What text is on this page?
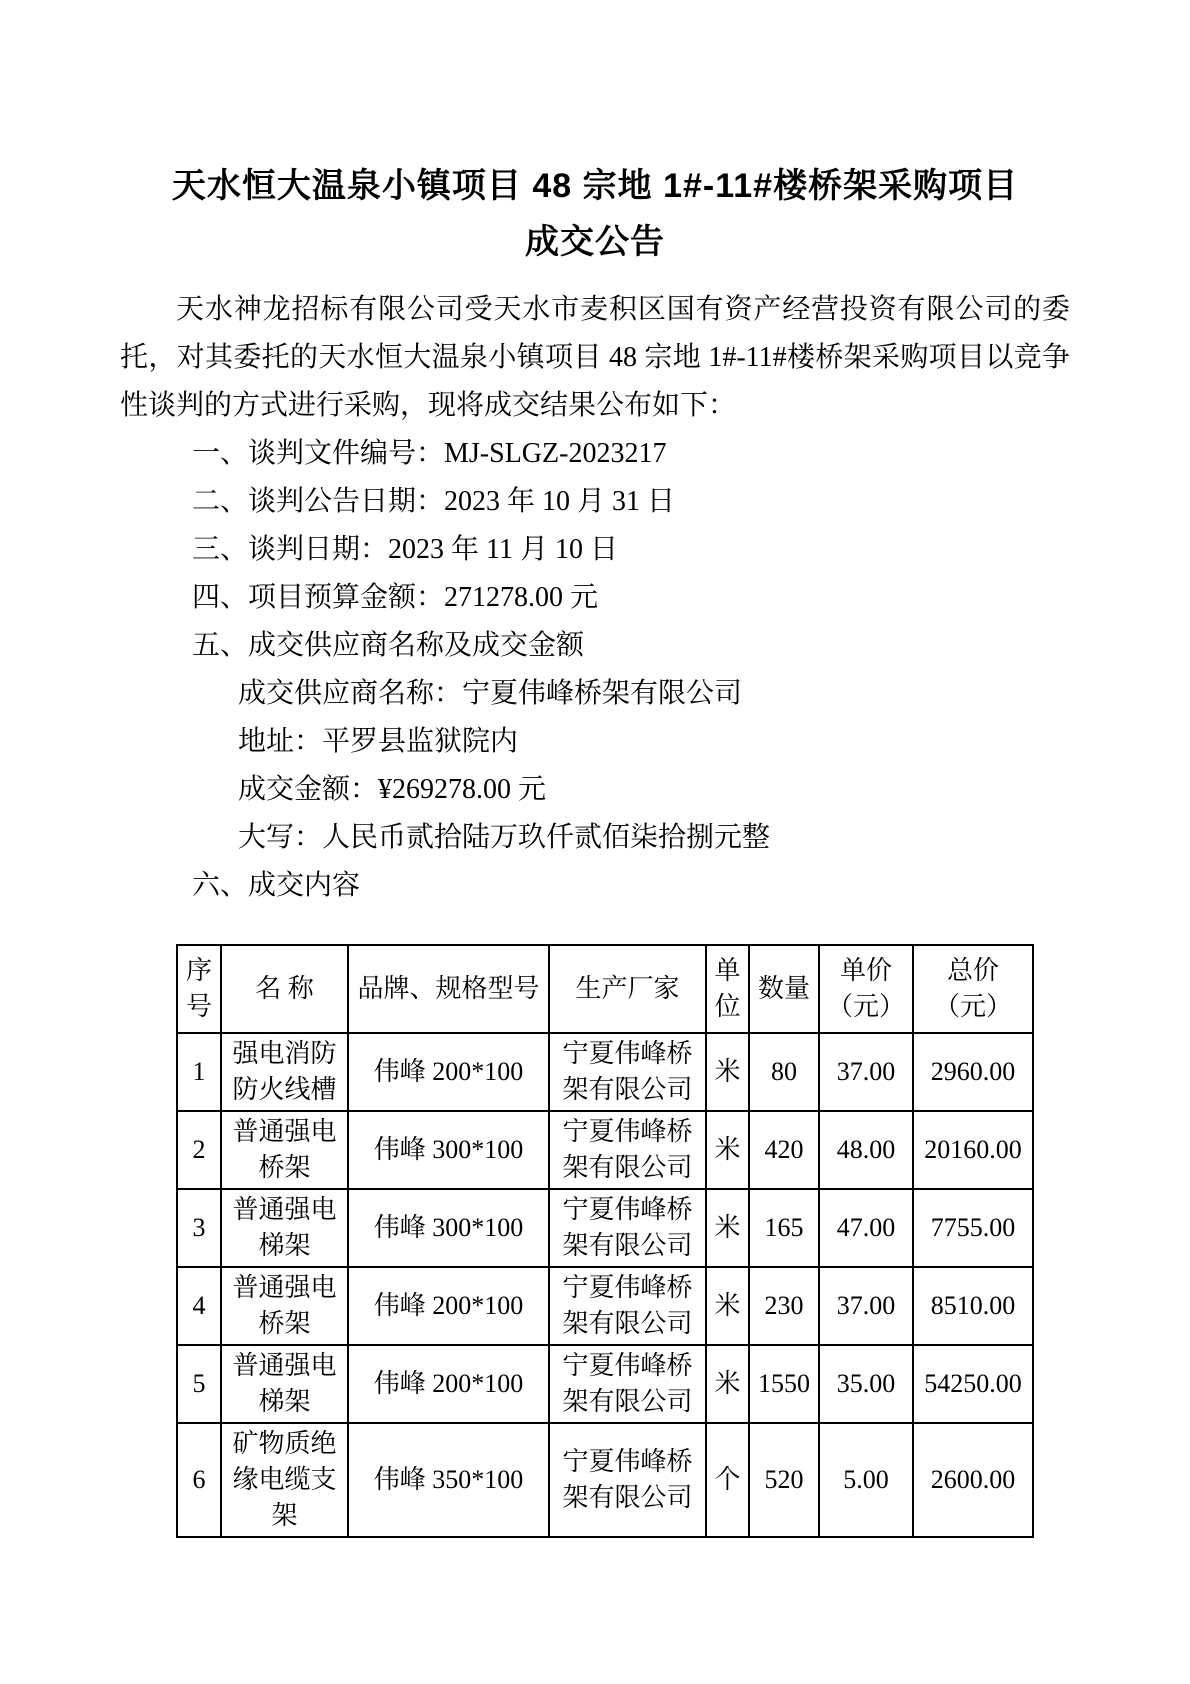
天水恒大温泉小镇项目 48 宗地 1#-11#楼桥架采购项目
成交公告

天水神龙招标有限公司受天水市麦积区国有资产经营投资有限公司的委托，对其委托的天水恒大温泉小镇项目 48 宗地 1#-11#楼桥架采购项目以竞争性谈判的方式进行采购，现将成交结果公布如下：

一、谈判文件编号：MJ-SLGZ-2023217
二、谈判公告日期：2023 年 10 月 31 日
三、谈判日期：2023 年 11 月 10 日
四、项目预算金额：271278.00 元
五、成交供应商名称及成交金额
成交供应商名称：宁夏伟峰桥架有限公司
地址：平罗县监狱院内
成交金额：¥269278.00 元
大写：人民币贰拾陆万玖仟贰佰柒拾捌元整
六、成交内容
序号	名 称	品牌、规格型号	生产厂家	单位	数量	单价（元）	总价（元）
1	强电消防防火线槽	伟峰 200*100	宁夏伟峰桥架有限公司	米	80	37.00	2960.00
2	普通强电桥架	伟峰 300*100	宁夏伟峰桥架有限公司	米	420	48.00	20160.00
3	普通强电梯架	伟峰 300*100	宁夏伟峰桥架有限公司	米	165	47.00	7755.00
4	普通强电桥架	伟峰 200*100	宁夏伟峰桥架有限公司	米	230	37.00	8510.00
5	普通强电梯架	伟峰 200*100	宁夏伟峰桥架有限公司	米	1550	35.00	54250.00
6	矿物质绝缘电缆支架	伟峰 350*100	宁夏伟峰桥架有限公司	个	520	5.00	2600.00
